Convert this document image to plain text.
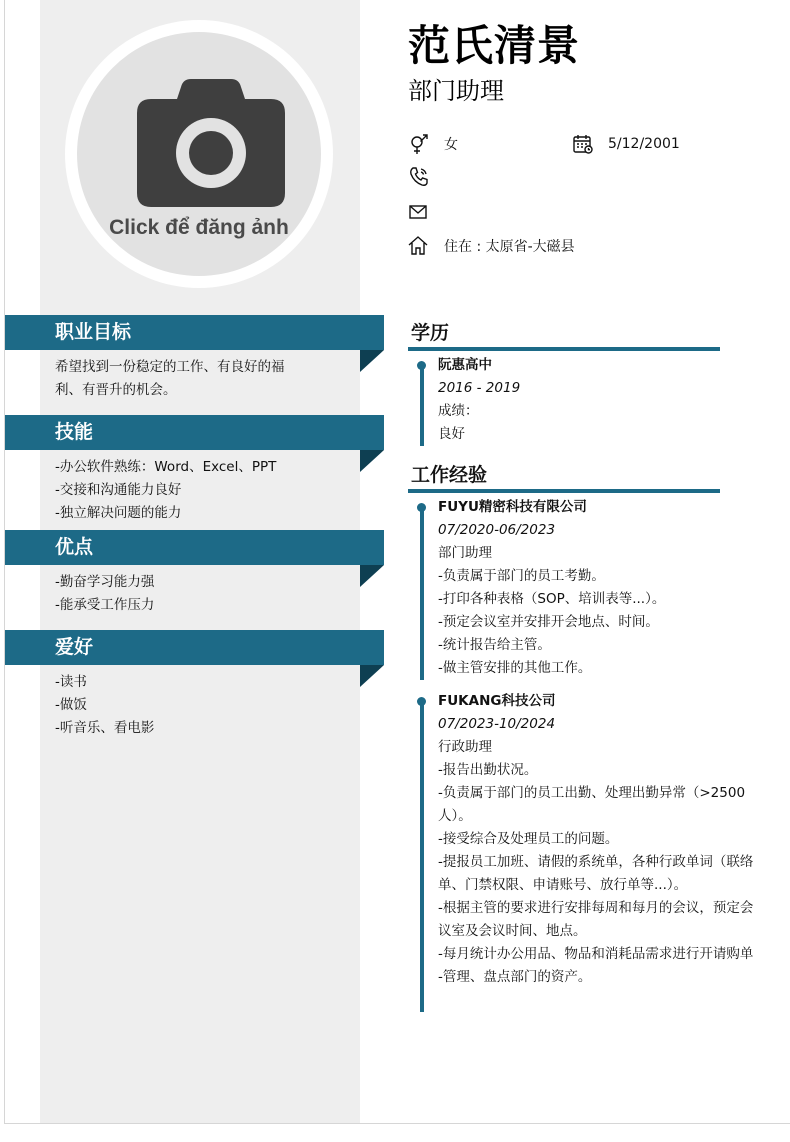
Click để đăng ảnh
范氏清景
部门助理
女	5/12/2001
住在 : 太原省-大磁县
职业目标
希望找到一份稳定的工作、有良好的福
利、有晋升的机会。
技能
-办公软件熟练：Word、Excel、PPT
-交接和沟通能力良好
-独立解决问题的能力
优点
-勤奋学习能力强
-能承受工作压力
爱好
-读书
-做饭
-听音乐、看电影
学历
阮惠高中
2016 - 2019
成绩：
良好
工作经验
FUYU精密科技有限公司
07/2020-06/2023
部门助理
-负责属于部门的员工考勤。
-打印各种表格（SOP、培训表等...）。
-预定会议室并安排开会地点、时间。
-统计报告给主管。
-做主管安排的其他工作。
FUKANG科技公司
07/2023-10/2024
行政助理
-报告出勤状况。
-负责属于部门的员工出勤、处理出勤异常（>2500
人）。
-接受综合及处理员工的问题。
-提报员工加班、请假的系统单，各种行政单词（联络
单、门禁权限、申请账号、放行单等...）。
-根据主管的要求进行安排每周和每月的会议，预定会
议室及会议时间、地点。
-每月统计办公用品、物品和消耗品需求进行开请购单
-管理、盘点部门的资产。
